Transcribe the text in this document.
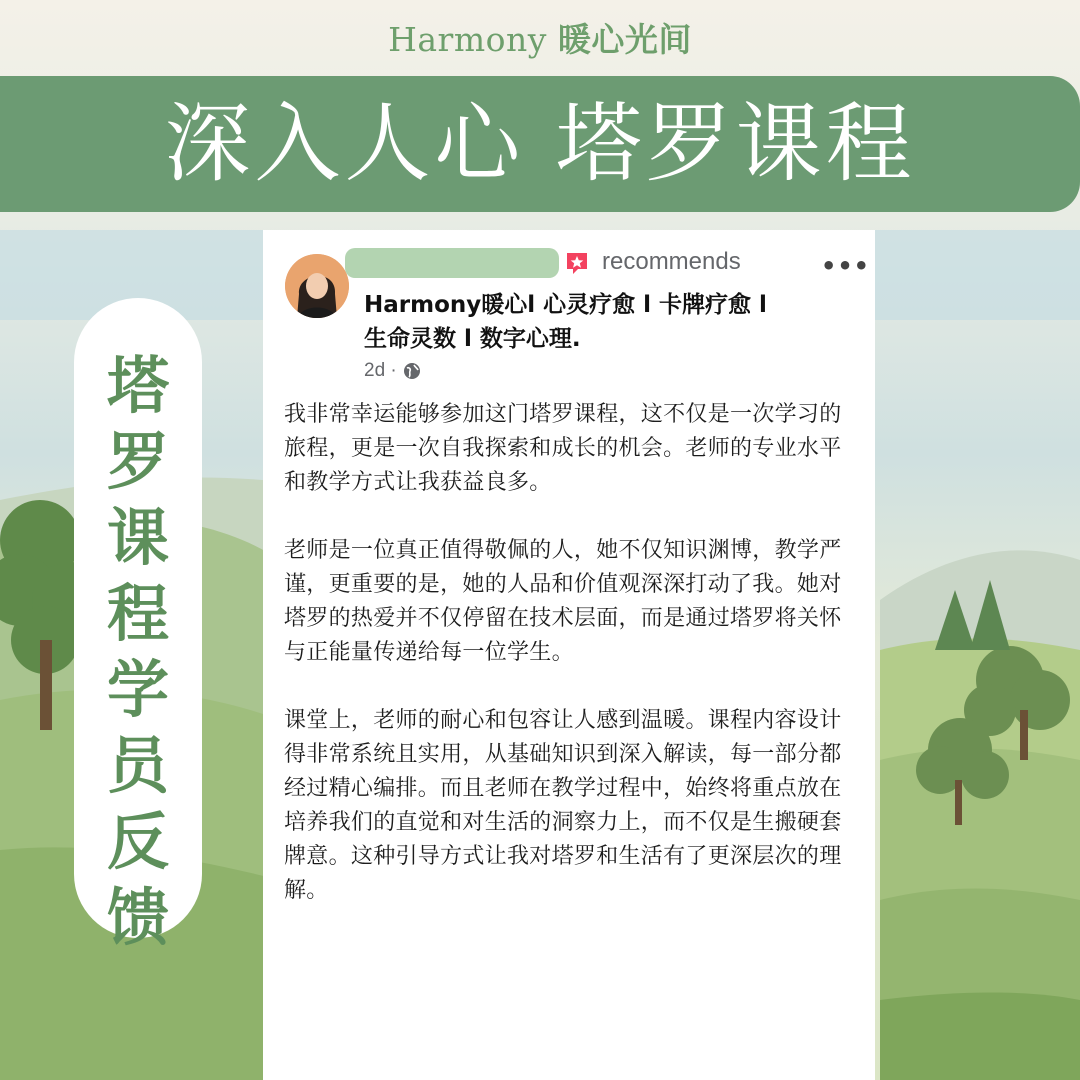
Harmony 暖心光间
深入人心 塔罗课程
塔
罗
课
程
学
员
反
馈
recommends	•••
Harmony暖心l 心灵疗愈 l 卡牌疗愈 l
生命灵数 l 数字心理.
2d ·

我非常幸运能够参加这门塔罗课程，这不仅是一次学习的旅程，更是一次自我探索和成长的机会。老师的专业水平和教学方式让我获益良多。

老师是一位真正值得敬佩的人，她不仅知识渊博，教学严谨，更重要的是，她的人品和价值观深深打动了我。她对塔罗的热爱并不仅停留在技术层面，而是通过塔罗将关怀与正能量传递给每一位学生。

课堂上，老师的耐心和包容让人感到温暖。课程内容设计得非常系统且实用，从基础知识到深入解读，每一部分都经过精心编排。而且老师在教学过程中，始终将重点放在培养我们的直觉和对生活的洞察力上，而不仅是生搬硬套牌意。这种引导方式让我对塔罗和生活有了更深层次的理解。
